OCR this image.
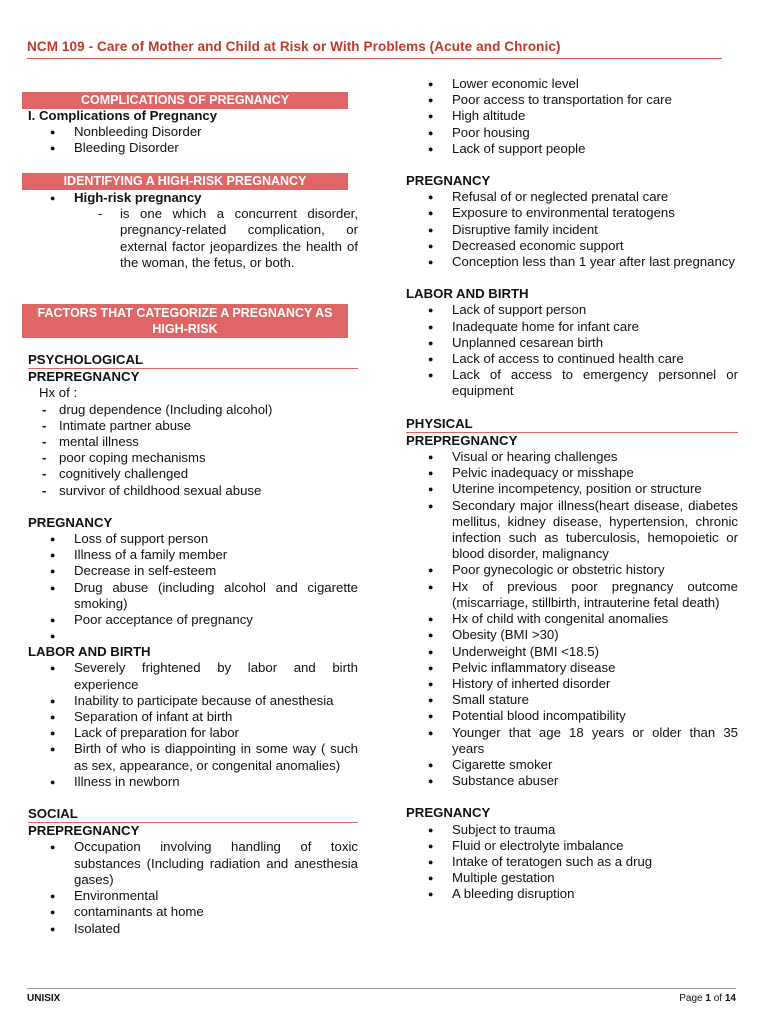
NCM 109 - Care of Mother and Child at Risk or With Problems (Acute and Chronic)
COMPLICATIONS OF PREGNANCY
I. Complications of Pregnancy
● Nonbleeding Disorder
● Bleeding Disorder
IDENTIFYING A HIGH-RISK PREGNANCY
● High-risk pregnancy
- is one which a concurrent disorder, pregnancy-related complication, or external factor jeopardizes the health of the woman, the fetus, or both.
FACTORS THAT CATEGORIZE A PREGNANCY AS HIGH-RISK
PSYCHOLOGICAL
PREPREGNANCY
Hx of :
- drug dependence (Including alcohol)
- Intimate partner abuse
- mental illness
- poor coping mechanisms
- cognitively challenged
- survivor of childhood sexual abuse
PREGNANCY
● Loss of support person
● Illness of a family member
● Decrease in self-esteem
● Drug abuse (including alcohol and cigarette smoking)
● Poor acceptance of pregnancy
●
LABOR AND BIRTH
● Severely frightened by labor and birth experience
● Inability to participate because of anesthesia
● Separation of infant at birth
● Lack of preparation for labor
● Birth of who is diappointing in some way ( such as sex, appearance, or congenital anomalies)
● Illness in newborn
SOCIAL
PREPREGNANCY
● Occupation involving handling of toxic substances (Including radiation and anesthesia gases)
● Environmental
● contaminants at home
● Isolated
● Lower economic level
● Poor access to transportation for care
● High altitude
● Poor housing
● Lack of support people
PREGNANCY
● Refusal of or neglected prenatal care
● Exposure to environmental teratogens
● Disruptive family incident
● Decreased economic support
● Conception less than 1 year after last pregnancy
LABOR AND BIRTH
● Lack of support person
● Inadequate home for infant care
● Unplanned cesarean birth
● Lack of access to continued health care
● Lack of access to emergency personnel or equipment
PHYSICAL
PREPREGNANCY
● Visual or hearing challenges
● Pelvic inadequacy or misshape
● Uterine incompetency, position or structure
● Secondary major illness(heart disease, diabetes mellitus, kidney disease, hypertension, chronic infection such as tuberculosis, hemopoietic or blood disorder, malignancy
● Poor gynecologic or obstetric history
● Hx of previous poor pregnancy outcome (miscarriage, stillbirth, intrauterine fetal death)
● Hx of child with congenital anomalies
● Obesity (BMI >30)
● Underweight (BMI <18.5)
● Pelvic inflammatory disease
● History of inherted disorder
● Small stature
● Potential blood incompatibility
● Younger that age 18 years or older than 35 years
● Cigarette smoker
● Substance abuser
PREGNANCY
● Subject to trauma
● Fluid or electrolyte imbalance
● Intake of teratogen such as a drug
● Multiple gestation
● A bleeding disruption
UNISIX	Page 1 of 14
